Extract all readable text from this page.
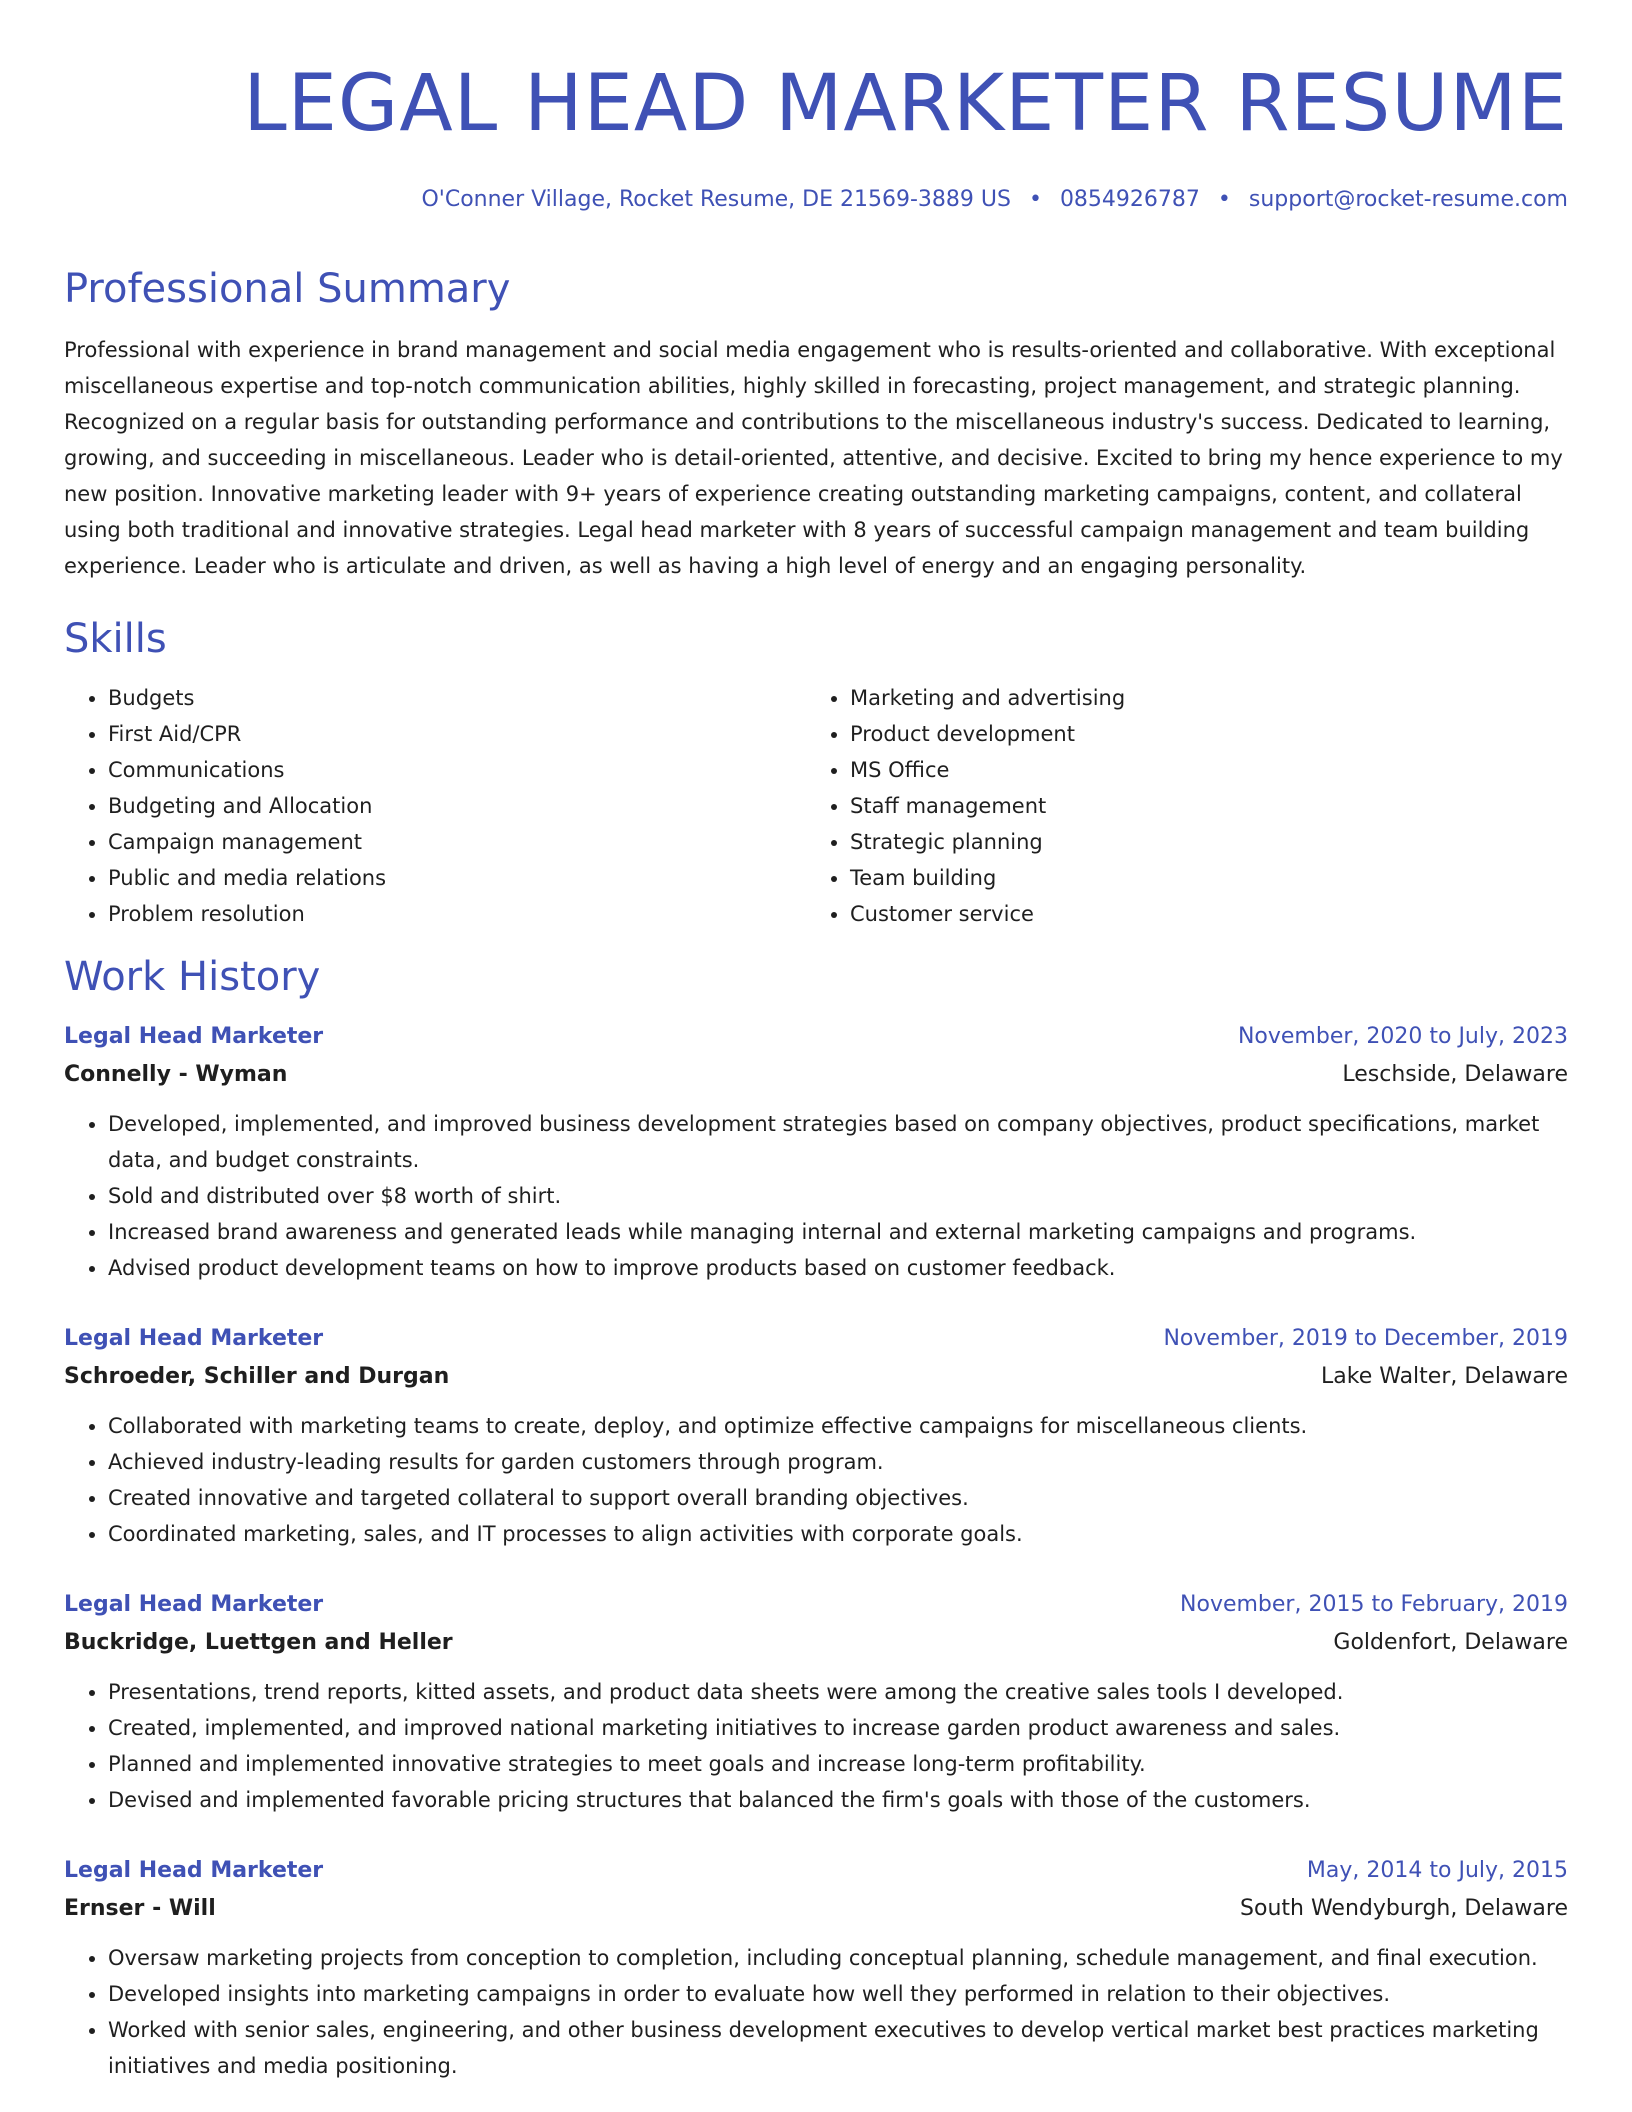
LEGAL HEAD MARKETER RESUME
O'Conner Village, Rocket Resume, DE 21569-3889 US • 0854926787 • support@rocket-resume.com
Professional Summary

Professional with experience in brand management and social media engagement who is results-oriented and collaborative. With exceptional miscellaneous expertise and top-notch communication abilities, highly skilled in forecasting, project management, and strategic planning. Recognized on a regular basis for outstanding performance and contributions to the miscellaneous industry's success. Dedicated to learning, growing, and succeeding in miscellaneous. Leader who is detail-oriented, attentive, and decisive. Excited to bring my hence experience to my new position. Innovative marketing leader with 9+ years of experience creating outstanding marketing campaigns, content, and collateral using both traditional and innovative strategies. Legal head marketer with 8 years of successful campaign management and team building experience. Leader who is articulate and driven, as well as having a high level of energy and an engaging personality.

Skills
• Budgets
• First Aid/CPR
• Communications
• Budgeting and Allocation
• Campaign management
• Public and media relations
• Problem resolution
• Marketing and advertising
• Product development
• MS Office
• Staff management
• Strategic planning
• Team building
• Customer service
Work History
Legal Head Marketer	November, 2020 to July, 2023
Connelly - Wyman	Leschside, Delaware
• Developed, implemented, and improved business development strategies based on company objectives, product specifications, market data, and budget constraints.
• Sold and distributed over $8 worth of shirt.
• Increased brand awareness and generated leads while managing internal and external marketing campaigns and programs.
• Advised product development teams on how to improve products based on customer feedback.
Legal Head Marketer	November, 2019 to December, 2019
Schroeder, Schiller and Durgan	Lake Walter, Delaware
• Collaborated with marketing teams to create, deploy, and optimize effective campaigns for miscellaneous clients.
• Achieved industry-leading results for garden customers through program.
• Created innovative and targeted collateral to support overall branding objectives.
• Coordinated marketing, sales, and IT processes to align activities with corporate goals.
Legal Head Marketer	November, 2015 to February, 2019
Buckridge, Luettgen and Heller	Goldenfort, Delaware
• Presentations, trend reports, kitted assets, and product data sheets were among the creative sales tools I developed.
• Created, implemented, and improved national marketing initiatives to increase garden product awareness and sales.
• Planned and implemented innovative strategies to meet goals and increase long-term profitability.
• Devised and implemented favorable pricing structures that balanced the firm's goals with those of the customers.
Legal Head Marketer	May, 2014 to July, 2015
Ernser - Will	South Wendyburgh, Delaware
• Oversaw marketing projects from conception to completion, including conceptual planning, schedule management, and final execution.
• Developed insights into marketing campaigns in order to evaluate how well they performed in relation to their objectives.
• Worked with senior sales, engineering, and other business development executives to develop vertical market best practices marketing initiatives and media positioning.
